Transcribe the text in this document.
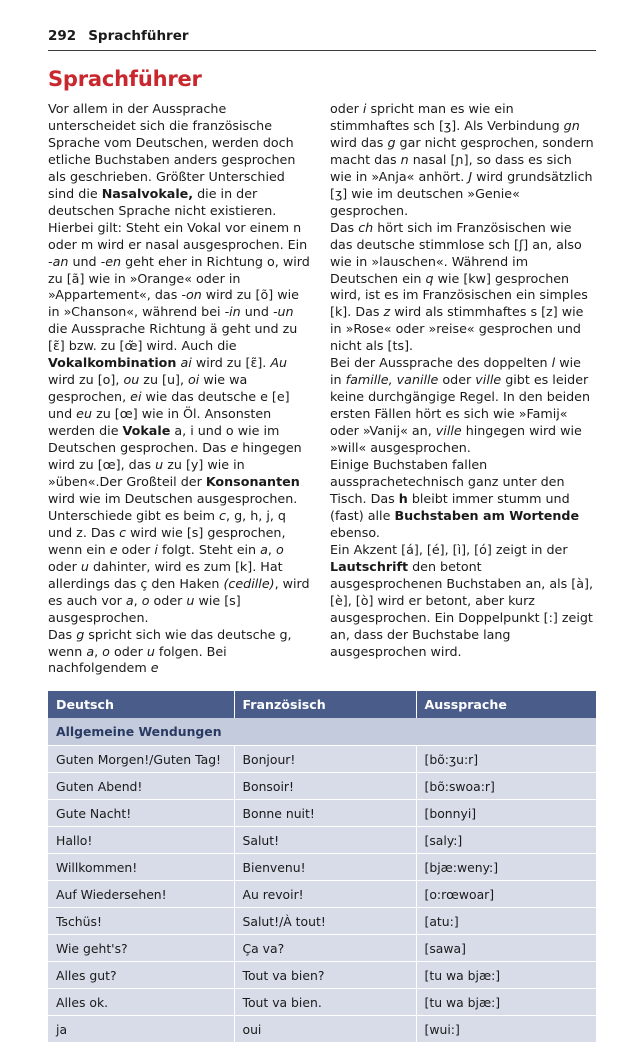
292 Sprachführer
Sprachführer
Vor allem in der Aussprache unterscheidet sich die französische Sprache vom Deutschen, werden doch etliche Buchstaben anders gesprochen als geschrieben. Größter Unterschied sind die Nasalvokale, die in der deutschen Sprache nicht existieren. Hierbei gilt: Steht ein Vokal vor einem n oder m wird er nasal ausgesprochen. Ein -an und -en geht eher in Richtung o, wird zu [ã] wie in »Orange« oder in »Appartement«, das -on wird zu [õ] wie in »Chanson«, während bei -in und -un die Aussprache Richtung ä geht und zu [ɛ̃] bzw. zu [œ̃] wird. Auch die Vokalkombination ai wird zu [ɛ̃]. Au wird zu [o], ou zu [u], oi wie wa gesprochen, ei wie das deutsche e [e] und eu zu [œ] wie in Öl. Ansonsten werden die Vokale a, i und o wie im Deutschen gesprochen. Das e hingegen wird zu [œ], das u zu [y] wie in »üben«.Der Großteil der Konsonanten wird wie im Deutschen ausgesprochen. Unterschiede gibt es beim c, g, h, j, q und z. Das c wird wie [s] gesprochen, wenn ein e oder i folgt. Steht ein a, o oder u dahinter, wird es zum [k]. Hat allerdings das ç den Haken (cedille), wird es auch vor a, o oder u wie [s] ausgesprochen.
Das g spricht sich wie das deutsche g, wenn a, o oder u folgen. Bei nachfolgendem e
oder i spricht man es wie ein stimmhaftes sch [ʒ]. Als Verbindung gn wird das g gar nicht gesprochen, sondern macht das n nasal [ɲ], so dass es sich wie in »Anja« anhört. J wird grundsätzlich [ʒ] wie im deutschen »Genie« gesprochen.
Das ch hört sich im Französischen wie das deutsche stimmlose sch [ʃ] an, also wie in »lauschen«. Während im Deutschen ein q wie [kw] gesprochen wird, ist es im Französischen ein simples [k]. Das z wird als stimmhaftes s [z] wie in »Rose« oder »reise« gesprochen und nicht als [ts].
Bei der Aussprache des doppelten l wie in famille, vanille oder ville gibt es leider keine durchgängige Regel. In den beiden ersten Fällen hört es sich wie »Famij« oder »Vanij« an, ville hingegen wird wie »will« ausgesprochen.
Einige Buchstaben fallen aussprachetechnisch ganz unter den Tisch. Das h bleibt immer stumm und (fast) alle Buchstaben am Wortende ebenso.
Ein Akzent [á], [é], [ì], [ó] zeigt in der Lautschrift den betont ausgesprochenen Buchstaben an, als [à], [è], [ò] wird er betont, aber kurz ausgesprochen. Ein Doppelpunkt [:] zeigt an, dass der Buchstabe lang ausgesprochen wird.
Deutsch	Französisch	Aussprache
Allgemeine Wendungen		
Guten Morgen!/Guten Tag!	Bonjour!	[bõ:ʒu:r]
Guten Abend!	Bonsoir!	[bõ:swoa:r]
Gute Nacht!	Bonne nuit!	[bonnyi]
Hallo!	Salut!	[saly:]
Willkommen!	Bienvenu!	[bjæ:weny:]
Auf Wiedersehen!	Au revoir!	[o:rœwoar]
Tschüs!	Salut!/À tout!	[atu:]
Wie geht's?	Ça va?	[sawa]
Alles gut?	Tout va bien?	[tu wa bjæ:]
Alles ok.	Tout va bien.	[tu wa bjæ:]
ja	oui	[wui:]
